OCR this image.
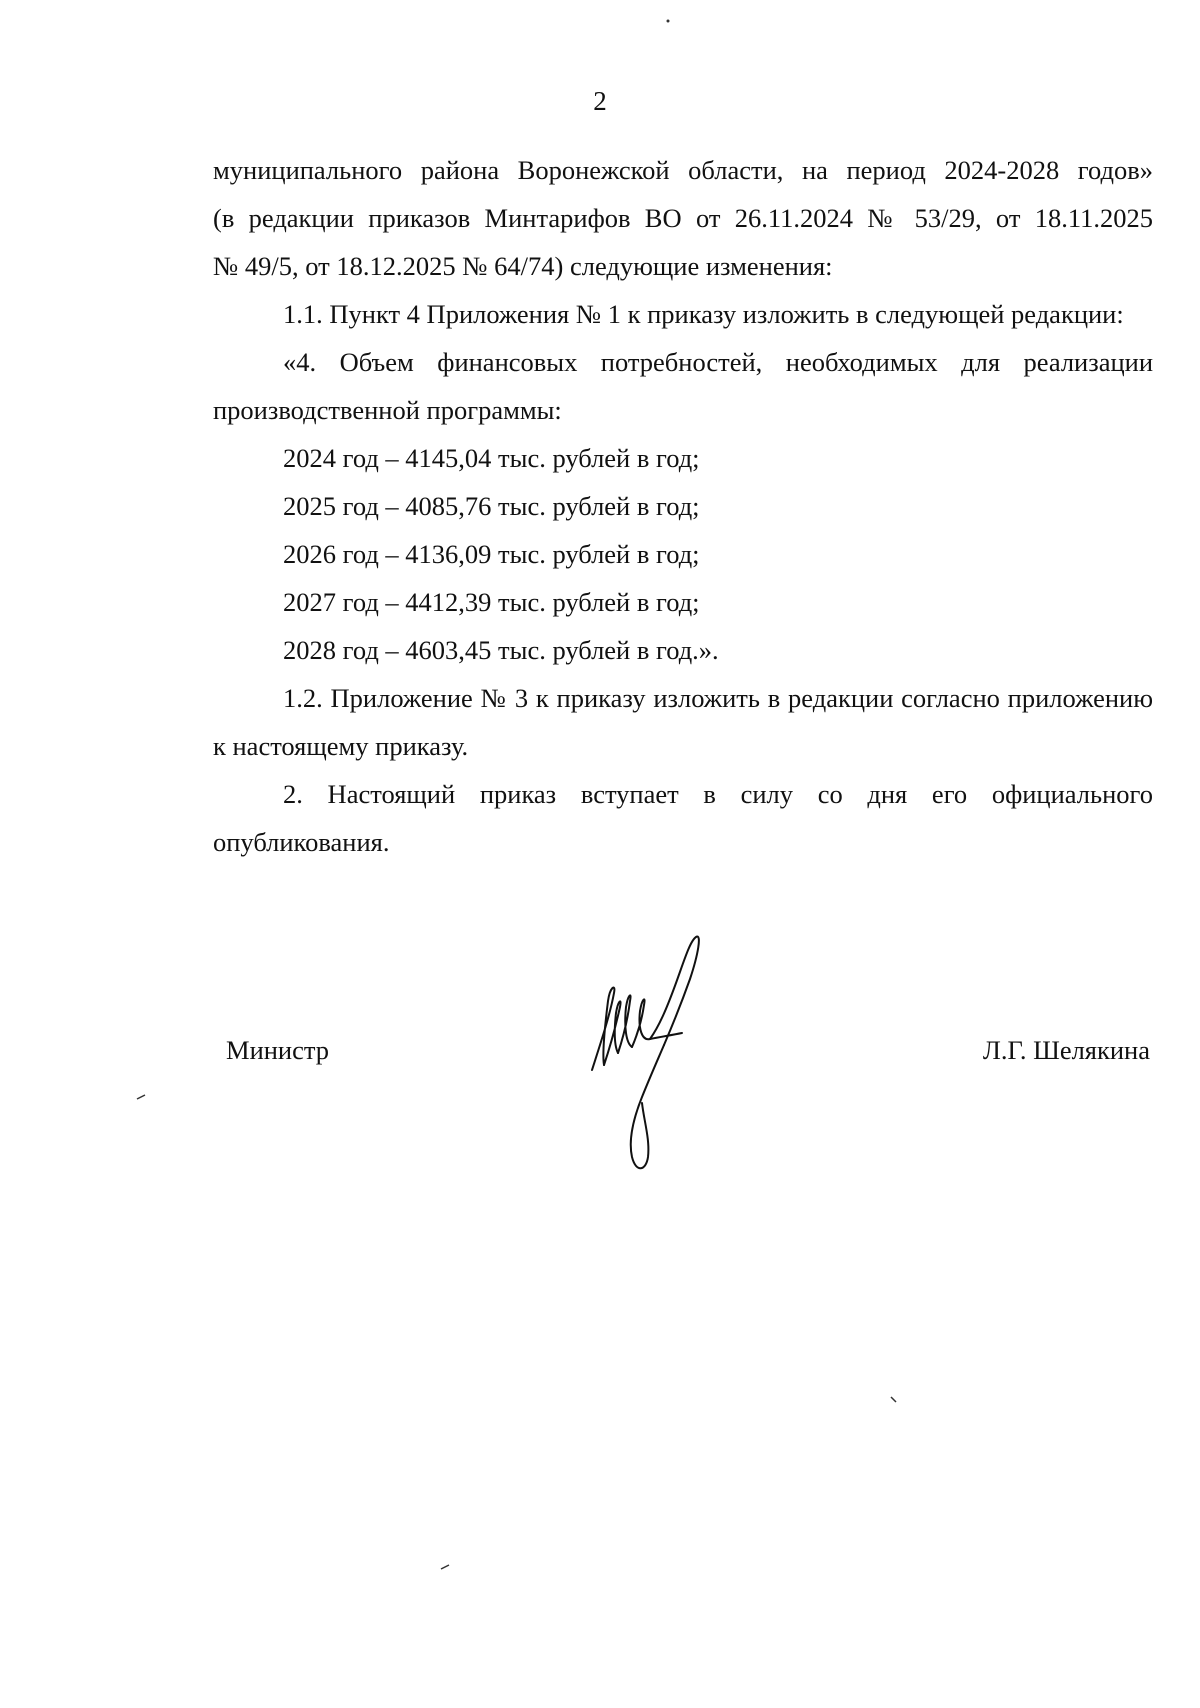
2

муниципального района Воронежской области, на период 2024-2028 годов»

(в редакции приказов Минтарифов ВО от 26.11.2024 № 53/29, от 18.11.2025

№ 49/5, от 18.12.2025 № 64/74) следующие изменения:

1.1. Пункт 4 Приложения № 1 к приказу изложить в следующей редакции:

«4. Объем финансовых потребностей, необходимых для реализации производственной программы:

2024 год – 4145,04 тыс. рублей в год;

2025 год – 4085,76 тыс. рублей в год;

2026 год – 4136,09 тыс. рублей в год;

2027 год – 4412,39 тыс. рублей в год;

2028 год – 4603,45 тыс. рублей в год.».

1.2. Приложение № 3 к приказу изложить в редакции согласно приложению к настоящему приказу.

2. Настоящий приказ вступает в силу со дня его официального опубликования.

Министр	Л.Г. Шелякина
